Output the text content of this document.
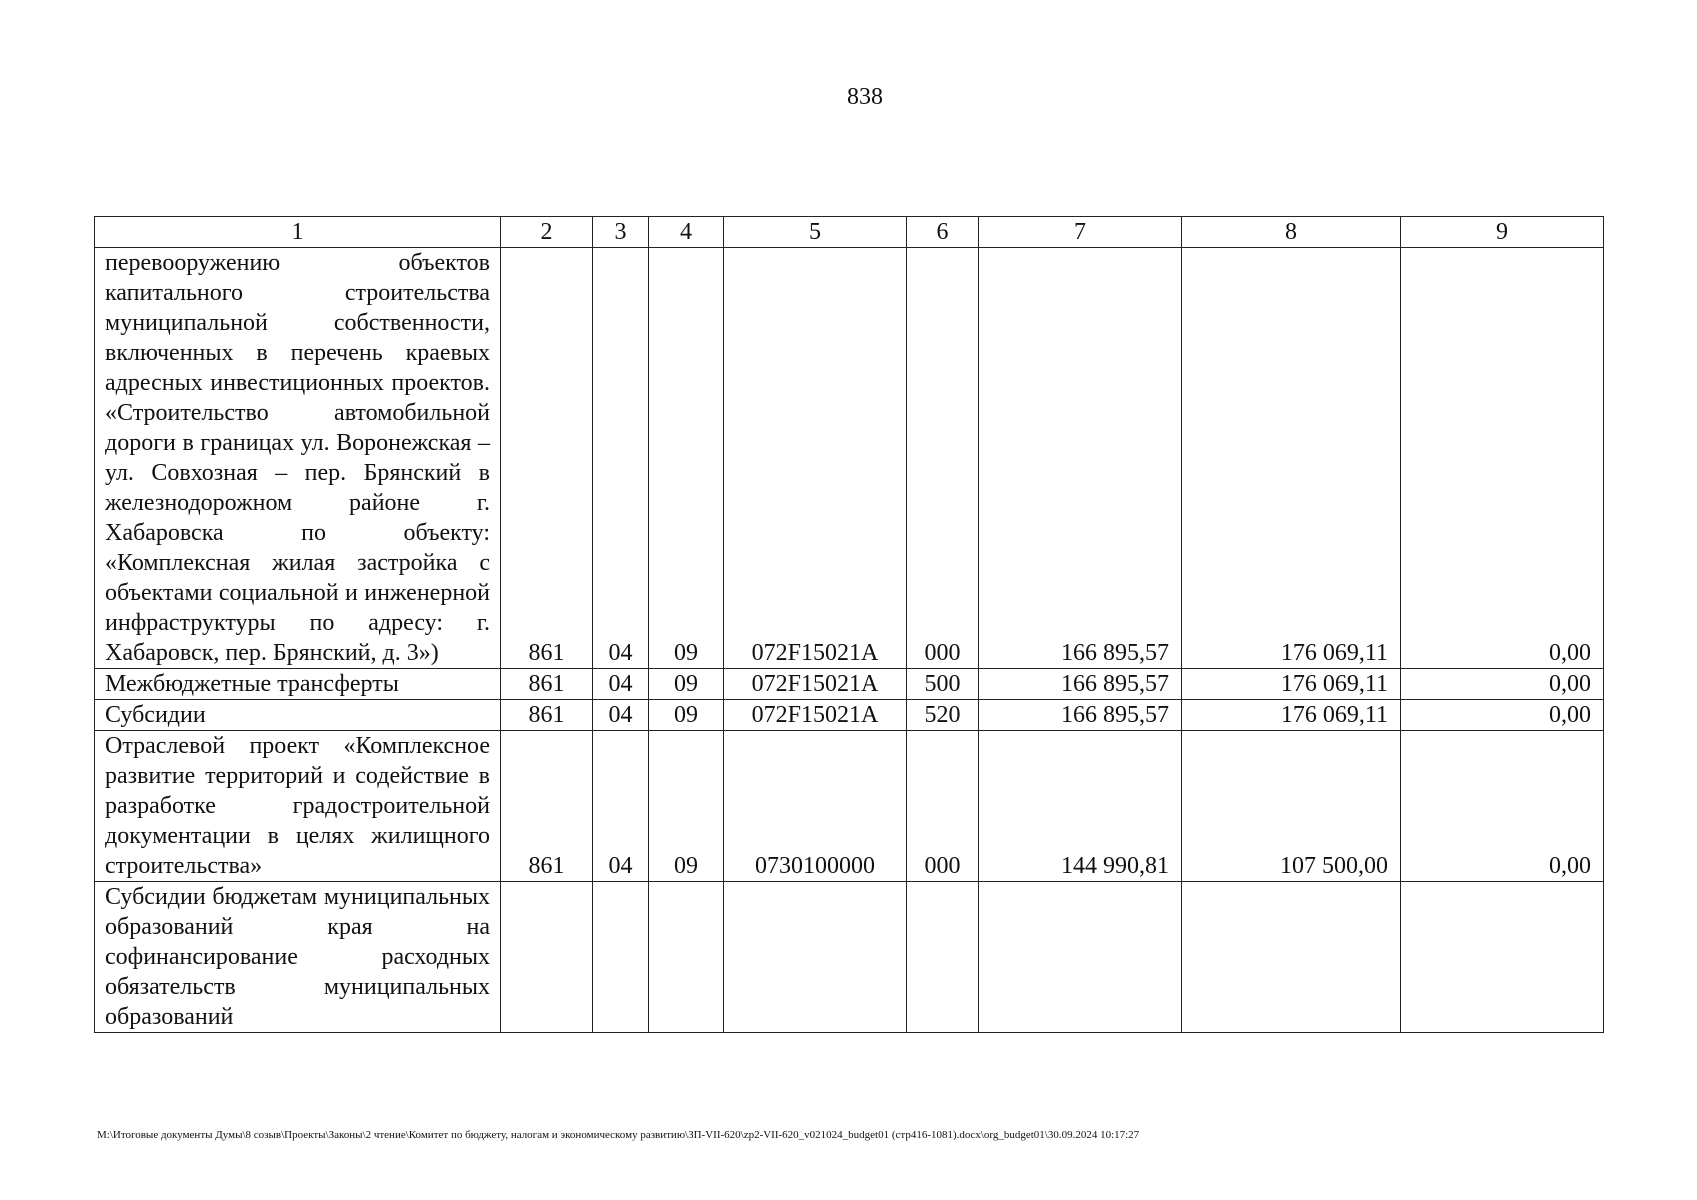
838
1	2	3	4	5	6	7	8	9
перевооружению объектов капитального строительства муниципальной собственности, включенных в перечень краевых адресных инвестиционных проектов. «Строительство автомобильной дороги в границах ул. Воронежская – ул. Совхозная – пер. Брянский в железнодорожном районе г. Хабаровска по объекту: «Комплексная жилая застройка с объектами социальной и инженерной инфраструктуры по адресу: г. Хабаровск, пер. Брянский, д. 3»)	861	04	09	072F15021А	000	166 895,57	176 069,11	0,00
Межбюджетные трансферты	861	04	09	072F15021А	500	166 895,57	176 069,11	0,00
Субсидии	861	04	09	072F15021А	520	166 895,57	176 069,11	0,00
Отраслевой проект «Комплексное развитие территорий и содействие в разработке градостроительной документации в целях жилищного строительства»	861	04	09	0730100000	000	144 990,81	107 500,00	0,00
Субсидии бюджетам муниципальных образований края на софинансирование расходных обязательств муниципальных образований								
M:\Итоговые документы Думы\8 созыв\Проекты\Законы\2 чтение\Комитет по бюджету, налогам и экономическому развитию\ЗП-VII-620\zp2-VII-620_v021024_budget01 (стр416-1081).docx\org_budget01\30.09.2024 10:17:27
